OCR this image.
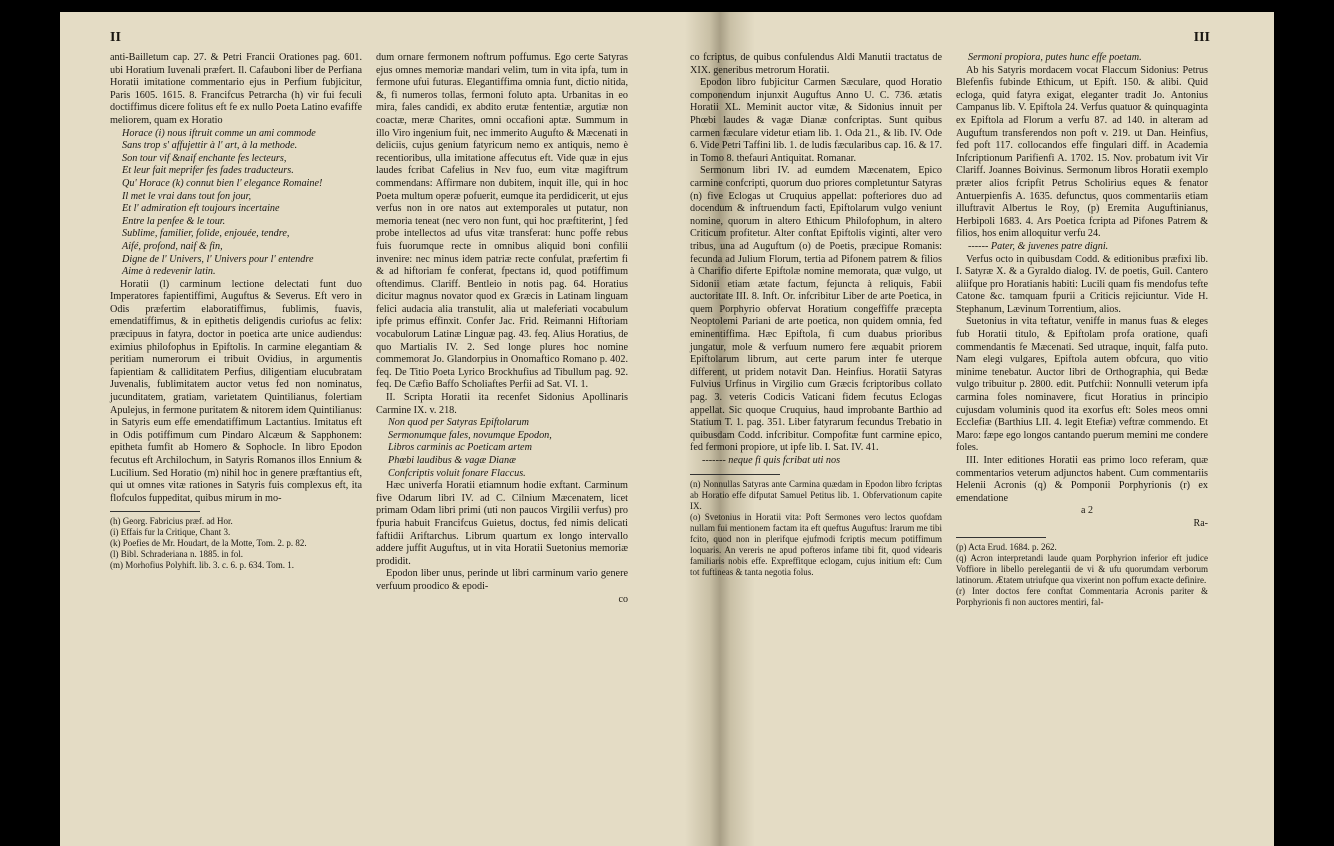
II

anti-Bailletum cap. 27. & Petri Francii Orationes pag. 601. ubi Horatium Iuvenali præfert. Il. Cafauboni liber de Perfiana Horatii imitatione commentario ejus in Perfium fubjicitur, Paris 1605. 1615. 8. Francifcus Petrarcha (h) vir fui feculi doctiffimus dicere folitus eft fe ex nullo Poeta Latino evafiffe meliorem, quam ex Horatio

Horace (i) nous iftruit comme un ami commode

Sans trop s' affujettir à l' art, à la methode.

Son tour vif &naif enchante fes lecteurs,

Et leur fait meprifer fes fades traducteurs.

Qu' Horace (k) connut bien l' elegance Romaine!

Il met le vrai dans tout fon jour,

Et l' admiration eft toujours incertaine

Entre la penfee & le tour.

Sublime, familier, folide, enjouée, tendre,

Aifé, profond, naif & fin,

Digne de l' Univers, l' Univers pour l' entendre

Aime à redevenir latin.

Horatii (l) carminum lectione delectati funt duo Imperatores fapientiffimi, Auguftus & Severus. Eft vero in Odis præfertim elaboratiffimus, fublimis, fuavis, emendatiffimus, & in epithetis deligendis curiofus ac felix: præcipuus in fatyra, doctor in poetica arte unice audiendus: eximius philofophus in Epiftolis. In carmine elegantiam & peritiam numerorum ei tribuit Ovidius, in argumentis fapientiam & calliditatem Perfius, diligentiam elucubratam Juvenalis, fublimitatem auctor vetus fed non nominatus, jucunditatem, gratiam, varietatem Quintilianus, folertiam Apulejus, in fermone puritatem & nitorem idem Quintilianus: in Satyris eum effe emendatiffimum Lactantius. Imitatus eft in Odis potiffimum cum Pindaro Alcæum & Sapphonem: epitheta fumfit ab Homero & Sophocle. In libro Epodon fecutus eft Archilochum, in Satyris Romanos illos Ennium & Lucilium. Sed Horatio (m) nihil hoc in genere præftantius eft, qui ut omnes vitæ rationes in Satyris fuis complexus eft, ita flofculos fuppeditat, quibus mirum in mo-

(h) Georg. Fabricius præf. ad Hor.

(i) Effais fur la Critique, Chant 3.

(k) Poefies de Mr. Houdart, de la Motte, Tom. 2. p. 82.

(l) Bibl. Schraderiana n. 1885. in fol.

(m) Morhofius Polyhift. lib. 3. c. 6. p. 634. Tom. 1.

dum ornare fermonem noftrum poffumus. Ego certe Satyras ejus omnes memoriæ mandari velim, tum in vita ipfa, tum in fermone ufui futuras. Elegantiffima omnia funt, dictio nitida, &, fi numeros tollas, fermoni foluto apta. Urbanitas in eo mira, fales candidi, ex abdito erutæ fententiæ, argutiæ non coactæ, meræ Charites, omni occafioni aptæ. Summum in illo Viro ingenium fuit, nec immerito Augufto & Mæcenati in deliciis, cujus genium fatyricum nemo ex antiquis, nemo è recentioribus, ulla imitatione affecutus eft. Vide quæ in ejus laudes fcribat Cafelius in Nεν fuo, eum vitæ magiftrum commendans: Affirmare non dubitem, inquit ille, qui in hoc Poeta multum operæ pofuerit, eumque ita perdidicerit, ut ejus verfus non in ore natos aut extemporales ut putatur, non memoria teneat (nec vero non funt, qui hoc præftiterint, ] fed probe intellectos ad ufus vitæ transferat: hunc poffe rebus fuis fuorumque recte in omnibus aliquid boni confilii invenire: nec minus idem patriæ recte confulat, præfertim fi & ad hiftoriam fe conferat, fpectans id, quod potiffimum oftendimus. Clariff. Bentleio in notis pag. 64. Horatius dicitur magnus novator quod ex Græcis in Latinam linguam felici audacia alia transtulit, alia ut maleferiati vocabulum ipfe primus effinxit. Confer Jac. Frid. Reimanni Hiftoriam vocabulorum Latinæ Linguæ pag. 43. feq. Alius Horatius, de quo Martialis IV. 2. Sed longe plures hoc nomine commemorat Jo. Glandorpius in Onomaftico Romano p. 402. feq. De Titio Poeta Lyrico Brockhufius ad Tibullum pag. 92. feq. De Cæfio Baffo Scholiaftes Perfii ad Sat. VI. 1.

II. Scripta Horatii ita recenfet Sidonius Apollinaris Carmine IX. v. 218.

Non quod per Satyras Epiftolarum

Sermonumque fales, novumque Epodon,

Libros carminis ac Poeticam artem

Phœbi laudibus & vagæ Dianæ

Confcriptis voluit fonare Flaccus.

Hæc univerfa Horatii etiamnum hodie exftant. Carminum five Odarum libri IV. ad C. Cilnium Mæcenatem, licet primam Odam libri primi (uti non paucos Virgilii verfus) pro fpuria habuit Francifcus Guietus, doctus, fed nimis delicati faftidii Ariftarchus. Librum quartum ex longo intervallo addere juffit Auguftus, ut in vita Horatii Suetonius memoriæ prodidit.

Epodon liber unus, perinde ut libri carminum vario genere verfuum proodico & epodi-

co

III

co fcriptus, de quibus confulendus Aldi Manutii tractatus de XIX. generibus metrorum Horatii.

Epodon libro fubjicitur Carmen Sæculare, quod Horatio componendum injunxit Auguftus Anno U. C. 736. ætatis Horatii XL. Meminit auctor vitæ, & Sidonius innuit per Phœbi laudes & vagæ Dianæ confcriptas. Sunt quibus carmen fæculare videtur etiam lib. 1. Oda 21., & lib. IV. Ode 6. Vide Petri Taffini lib. 1. de ludis fæcularibus cap. 16. & 17. in Tomo 8. thefauri Antiquitat. Romanar.

Sermonum libri IV. ad eumdem Mæcenatem, Epico carmine confcripti, quorum duo priores completuntur Satyras (n) five Eclogas ut Cruquius appellat: pofteriores duo ad docendum & inftruendum facti, Epiftolarum vulgo veniunt nomine, quorum in altero Ethicum Philofophum, in altero Criticum profitetur. Alter conftat Epiftolis viginti, alter vero tribus, una ad Auguftum (o) de Poetis, præcipue Romanis: fecunda ad Julium Florum, tertia ad Pifonem patrem & filios à Charifio diferte Epiftolæ nomine memorata, quæ vulgo, ut Sidonii etiam ætate factum, fejuncta à reliquis, Fabii auctoritate III. 8. Inft. Or. infcribitur Liber de arte Poetica, in quem Porphyrio obfervat Horatium congeffiffe præcepta Neoptolemi Pariani de arte poetica, non quidem omnia, fed eminentiffima. Hæc Epiftola, fi cum duabus prioribus jungatur, mole & verfuum numero fere æquabit priorem Epiftolarum librum, aut certe parum inter fe uterque different, ut pridem notavit Dan. Heinfius. Horatii Satyras Fulvius Urfinus in Virgilio cum Græcis fcriptoribus collato pag. 3. veteris Codicis Vaticani fidem fecutus Eclogas appellat. Sic quoque Cruquius, haud improbante Barthio ad Statium T. 1. pag. 351. Liber fatyrarum fecundus Trebatio in quibusdam Codd. infcribitur. Compofitæ funt carmine epico, fed fermoni propiore, ut ipfe lib. I. Sat. IV. 41.

------- neque fi quis fcribat uti nos

(n) Nonnullas Satyras ante Carmina quædam in Epodon libro fcriptas ab Horatio effe difputat Samuel Petitus lib. 1. Obfervationum capite IX.

(o) Svetonius in Horatii vita: Poft Sermones vero lectos quofdam nullam fui mentionem factam ita eft queftus Auguftus: Irarum me tibi fcito, quod non in plerifque ejufmodi fcriptis mecum potiffimum loquaris. An vereris ne apud pofteros infame tibi fit, quod videaris familiaris nobis effe. Expreffitque eclogam, cujus initium eft: Cum tot fuftineas & tanta negotia folus.

Sermoni propiora, putes hunc effe poetam.

Ab his Satyris mordacem vocat Flaccum Sidonius: Petrus Blefenfis fubinde Ethicum, ut Epift. 150. & alibi. Quid ecloga, quid fatyra exigat, eleganter tradit Jo. Antonius Campanus lib. V. Epiftola 24. Verfus quatuor & quinquaginta ex Epiftola ad Florum a verfu 87. ad 140. in alteram ad Auguftum transferendos non poft v. 219. ut Dan. Heinfius, fed poft 117. collocandos effe fingulari diff. in Academia Infcriptionum Parifienfi A. 1702. 15. Nov. probatum ivit Vir Clariff. Joannes Boivinus. Sermonum libros Horatii exemplo præter alios fcripfit Petrus Scholirius eques & fenator Antuerpienfis A. 1635. defunctus, quos commentariis etiam illuftravit Albertus le Roy, (p) Eremita Auguftinianus, Herbipoli 1683. 4. Ars Poetica fcripta ad Pifones Patrem & filios, hos enim alloquitur verfu 24.

------ Pater, & juvenes patre digni.

Verfus octo in quibusdam Codd. & editionibus præfixi lib. I. Satyræ X. & a Gyraldo dialog. IV. de poetis, Guil. Cantero aliifque pro Horatianis habiti: Lucili quam fis mendofus tefte Catone &c. tamquam fpurii a Criticis rejiciuntur. Vide H. Stephanum, Lævinum Torrentium, alios.

Suetonius in vita teftatur, veniffe in manus fuas & eleges fub Horatii titulo, & Epiftolam profa oratione, quafi commendantis fe Mæcenati. Sed utraque, inquit, falfa puto. Nam elegi vulgares, Epiftola autem obfcura, quo vitio minime tenebatur. Auctor libri de Orthographia, qui Bedæ vulgo tribuitur p. 2800. edit. Putfchii: Nonnulli veterum ipfa carmina foles nominavere, ficut Horatius in principio cujusdam voluminis quod ita exorfus eft: Soles meos omni Ecclefiæ (Barthius LII. 4. legit Etefiæ) veftræ commendo. Et Maro: fæpe ego longos cantando puerum memini me condere foles.

III. Inter editiones Horatii eas primo loco referam, quæ commentarios veterum adjunctos habent. Cum commentariis Helenii Acronis (q) & Pomponii Porphyrionis (r) ex emendatione

a 2

Ra-

(p) Acta Erud. 1684. p. 262.

(q) Acron interpretandi laude quam Porphyrion inferior eft judice Voffiore in libello perelegantii de vi & ufu quorumdam verborum latinorum. Ætatem utriufque qua vixerint non poffum exacte definire.

(r) Inter doctos fere conftat Commentaria Acronis pariter & Porphyrionis fi non auctores mentiri, fal-
